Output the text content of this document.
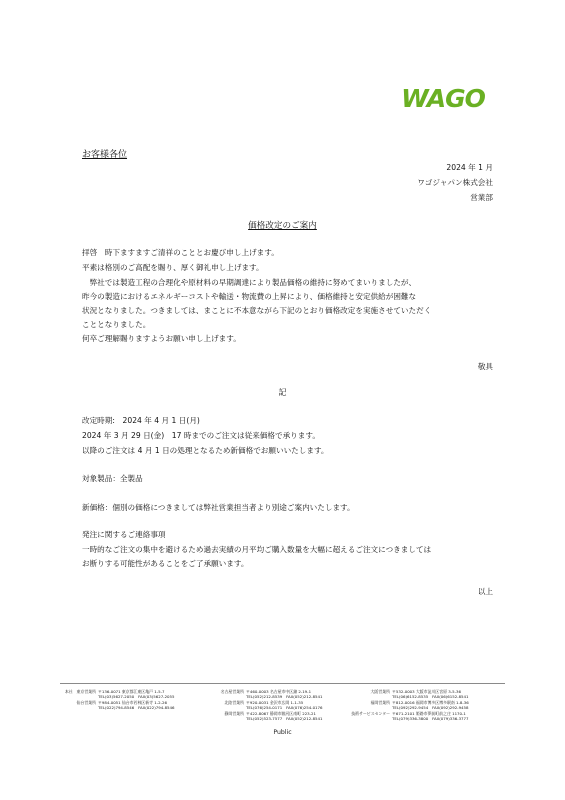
WAGO
お客様各位
2024 年 1 月
ワゴジャパン株式会社
営業部
価格改定のご案内
拝啓　時下ますますご清祥のこととお慶び申し上げます。
平素は格別のご高配を賜り、厚く御礼申し上げます。
　弊社では製造工程の合理化や原材料の早期調達により製品価格の維持に努めてまいりましたが、
昨今の製造におけるエネルギーコストや輸送・物流費の上昇により、価格維持と安定供給が困難な
状況となりました。つきましては、まことに不本意ながら下記のとおり価格改定を実施させていただく
こととなりました。
何卒ご理解賜りますようお願い申し上げます。
敬具
記
改定時期:　2024 年 4 月 1 日(月)
2024 年 3 月 29 日(金)　17 時までのご注文は従来価格で承ります。
以降のご注文は 4 月 1 日の処理となるため新価格でお願いいたします。
対象製品：全製品
新価格：個別の価格につきましては弊社営業担当者より別途ご案内いたします。
発注に関するご連絡事項
一時的なご注文の集中を避けるため過去実績の月平均ご購入数量を大幅に超えるご注文につきましては
お断りする可能性があることをご了承願います。
以上
本社　東京営業所 〒136-0071 東京都江東区亀戸 1-5-7
TEL(03)5627-2050　FAX(03)5627-2055
仙台営業所 〒984-0051 仙台市若林区新寺 1-2-26
TEL(022)794-8546　FAX(022)794-8546
名古屋営業所 〒460-0003 名古屋市中区錦 2-19-1
TEL(052)212-8539　FAX(052)212-8541
北陸営業所 〒920-0031 金沢市広岡 1-1-35
TEL(076)254-0171　FAX(076)254-0176
静岡営業所 〒422-8067 静岡市駿河区南町 223-21
TEL(052)523-7577　FAX(052)212-8541
大阪営業所 〒532-0003 大阪市淀川区宮原 3-5-36
TEL(06)6152-8535　FAX(06)6152-8541
福岡営業所 〒812-0016 福岡市博多区博多駅南 1-8-36
TEL(092)292-9454　FAX(092)292-9458
技術サービスセンター 〒671-2101 姫路市夢前町前之庄 1170-1
TEL(079)336-3800　FAX(079)336-3777
Public
